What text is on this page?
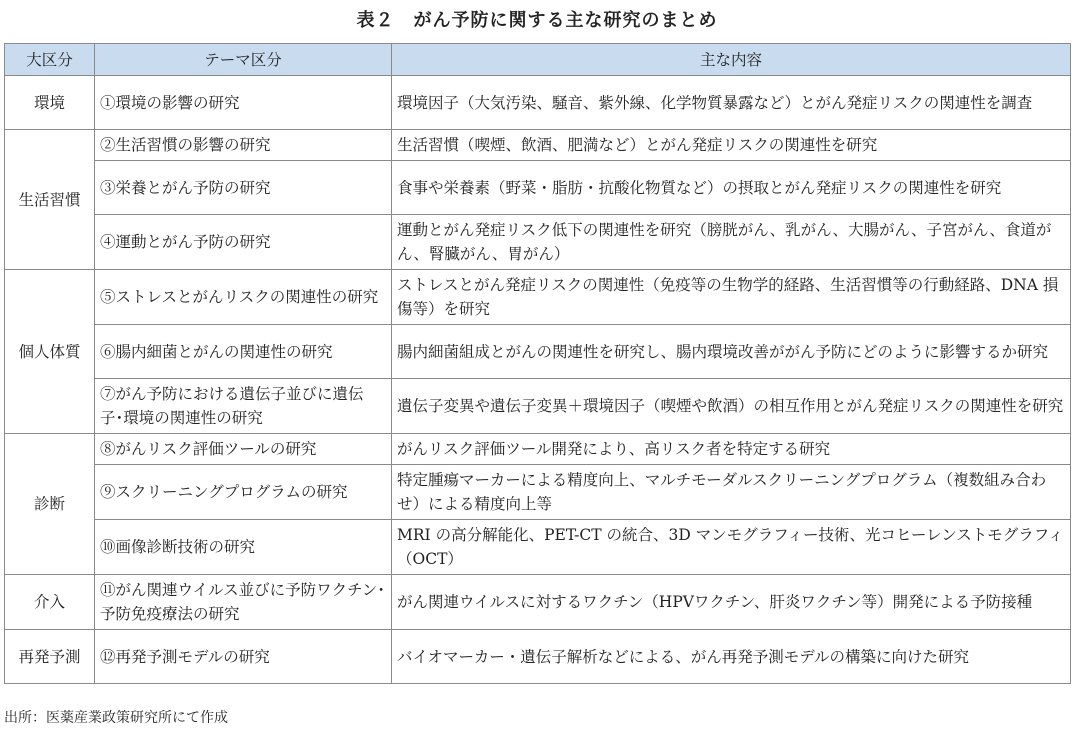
表２　がん予防に関する主な研究のまとめ
大区分	テーマ区分	主な内容
環境	①環境の影響の研究	環境因子（大気汚染、騒音、紫外線、化学物質暴露など）とがん発症リスクの関連性を調査
生活習慣	②生活習慣の影響の研究	生活習慣（喫煙、飲酒、肥満など）とがん発症リスクの関連性を研究
	③栄養とがん予防の研究	食事や栄養素（野菜・脂肪・抗酸化物質など）の摂取とがん発症リスクの関連性を研究
	④運動とがん予防の研究	運動とがん発症リスク低下の関連性を研究（膀胱がん、乳がん、大腸がん、子宮がん、食道がん、腎臓がん、胃がん）
個人体質	⑤ストレスとがんリスクの関連性の研究	ストレスとがん発症リスクの関連性（免疫等の生物学的経路、生活習慣等の行動経路、DNA 損傷等）を研究
	⑥腸内細菌とがんの関連性の研究	腸内細菌組成とがんの関連性を研究し、腸内環境改善ががん予防にどのように影響するか研究
	⑦がん予防における遺伝子並びに遺伝子･環境の関連性の研究	遺伝子変異や遺伝子変異＋環境因子（喫煙や飲酒）の相互作用とがん発症リスクの関連性を研究
診断	⑧がんリスク評価ツールの研究	がんリスク評価ツール開発により、高リスク者を特定する研究
	⑨スクリーニングプログラムの研究	特定腫瘍マーカーによる精度向上、マルチモーダルスクリーニングプログラム（複数組み合わせ）による精度向上等
	⑩画像診断技術の研究	MRI の高分解能化、PET-CT の統合、3D マンモグラフィー技術、光コヒーレンストモグラフィ（OCT）
介入	⑪がん関連ウイルス並びに予防ワクチン･予防免疫療法の研究	がん関連ウイルスに対するワクチン（HPVワクチン、肝炎ワクチン等）開発による予防接種
再発予測	⑫再発予測モデルの研究	バイオマーカー・遺伝子解析などによる、がん再発予測モデルの構築に向けた研究
出所：医薬産業政策研究所にて作成
